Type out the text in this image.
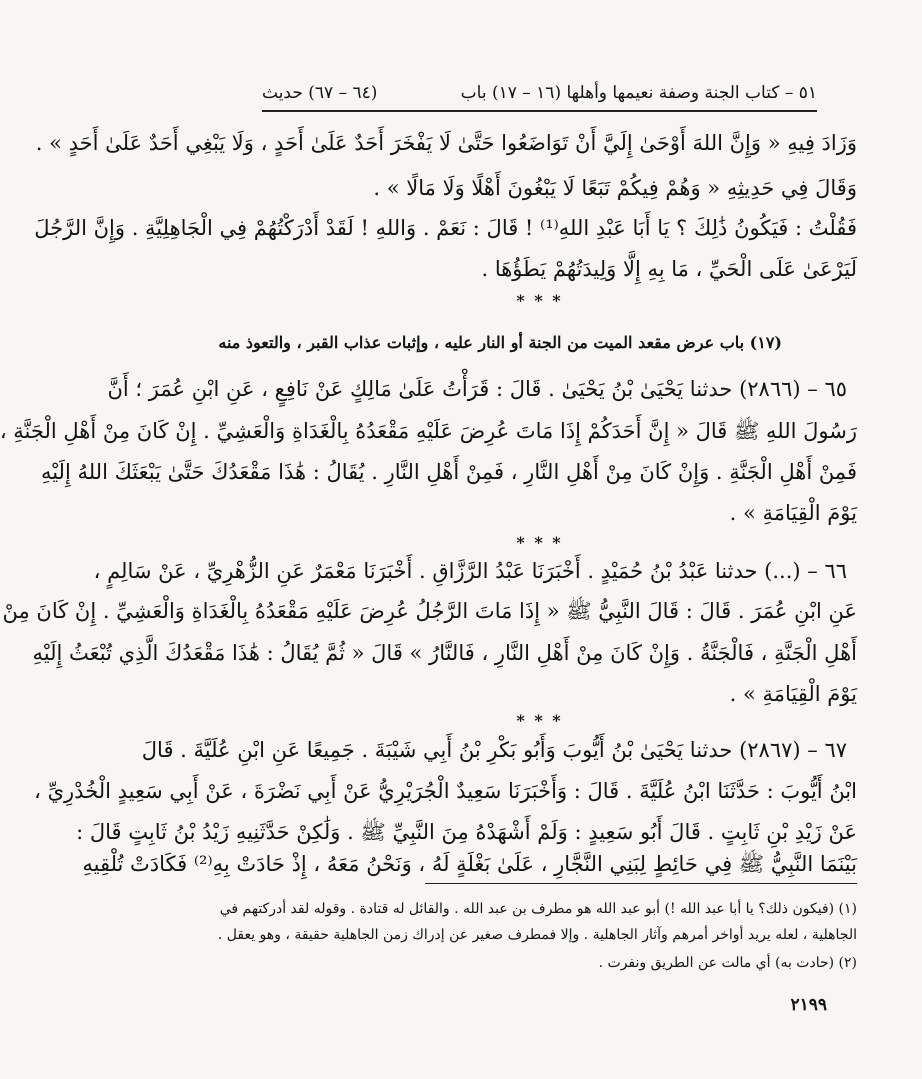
٥١ – كتاب الجنة وصفة نعيمها وأهلها (١٦ – ١٧) باب
(٦٤ – ٦٧) حديث
وَزَادَ فِيهِ « وَإِنَّ اللهَ أَوْحَىٰ إِلَيَّ أَنْ تَوَاضَعُوا حَتَّىٰ لَا يَفْخَرَ أَحَدٌ عَلَىٰ أَحَدٍ ، وَلَا يَبْغِي أَحَدٌ عَلَىٰ أَحَدٍ » .
وَقَالَ فِي حَدِيثِهِ « وَهُمْ فِيكُمْ تَبَعًا لَا يَبْغُونَ أَهْلًا وَلَا مَالًا » .
فَقُلْتُ : فَيَكُونُ ذَٰلِكَ ؟ يَا أَبَا عَبْدِ اللهِ⁽¹⁾ ! قَالَ : نَعَمْ . وَاللهِ ! لَقَدْ أَدْرَكْتُهُمْ فِي الْجَاهِلِيَّةِ . وَإِنَّ الرَّجُلَ
لَيَرْعَىٰ عَلَى الْحَيِّ ، مَا بِهِ إِلَّا وَلِيدَتُهُمْ يَطَؤُهَا .
* * *
(١٧) باب عرض مقعد الميت من الجنة أو النار عليه ، وإثبات عذاب القبر ، والتعوذ منه
٦٥ – (٢٨٦٦) حدثنا يَحْيَىٰ بْنُ يَحْيَىٰ . قَالَ : قَرَأْتُ عَلَىٰ مَالِكٍ عَنْ نَافِعٍ ، عَنِ ابْنِ عُمَرَ ؛ أَنَّ
رَسُولَ اللهِ ﷺ قَالَ « إِنَّ أَحَدَكُمْ إِذَا مَاتَ عُرِضَ عَلَيْهِ مَقْعَدُهُ بِالْغَدَاةِ وَالْعَشِيِّ . إِنْ كَانَ مِنْ أَهْلِ الْجَنَّةِ ،
فَمِنْ أَهْلِ الْجَنَّةِ . وَإِنْ كَانَ مِنْ أَهْلِ النَّارِ ، فَمِنْ أَهْلِ النَّارِ . يُقَالُ : هَٰذَا مَقْعَدُكَ حَتَّىٰ يَبْعَثَكَ اللهُ إِلَيْهِ
يَوْمَ الْقِيَامَةِ » .
* * *
٦٦ – (...) حدثنا عَبْدُ بْنُ حُمَيْدٍ . أَخْبَرَنَا عَبْدُ الرَّزَّاقِ . أَخْبَرَنَا مَعْمَرٌ عَنِ الزُّهْرِيِّ ، عَنْ سَالِمٍ ،
عَنِ ابْنِ عُمَرَ . قَالَ : قَالَ النَّبِيُّ ﷺ « إِذَا مَاتَ الرَّجُلُ عُرِضَ عَلَيْهِ مَقْعَدُهُ بِالْغَدَاةِ وَالْعَشِيِّ . إِنْ كَانَ مِنْ
أَهْلِ الْجَنَّةِ ، فَالْجَنَّةُ . وَإِنْ كَانَ مِنْ أَهْلِ النَّارِ ، فَالنَّارُ » قَالَ « ثُمَّ يُقَالُ : هَٰذَا مَقْعَدُكَ الَّذِي تُبْعَثُ إِلَيْهِ
يَوْمَ الْقِيَامَةِ » .
* * *
٦٧ – (٢٨٦٧) حدثنا يَحْيَىٰ بْنُ أَيُّوبَ وَأَبُو بَكْرِ بْنُ أَبِي شَيْبَةَ . جَمِيعًا عَنِ ابْنِ عُلَيَّةَ . قَالَ
ابْنُ أَيُّوبَ : حَدَّثَنَا ابْنُ عُلَيَّةَ . قَالَ : وَأَخْبَرَنَا سَعِيدٌ الْجُرَيْرِيُّ عَنْ أَبِي نَضْرَةَ ، عَنْ أَبِي سَعِيدٍ الْخُدْرِيِّ ،
عَنْ زَيْدِ بْنِ ثَابِتٍ . قَالَ أَبُو سَعِيدٍ : وَلَمْ أَشْهَدْهُ مِنَ النَّبِيِّ ﷺ . وَلَٰكِنْ حَدَّثَنِيهِ زَيْدُ بْنُ ثَابِتٍ قَالَ :
بَيْنَمَا النَّبِيُّ ﷺ فِي حَائِطٍ لِبَنِي النَّجَّارِ ، عَلَىٰ بَغْلَةٍ لَهُ ، وَنَحْنُ مَعَهُ ، إِذْ حَادَتْ بِهِ⁽²⁾ فَكَادَتْ تُلْقِيهِ
(١) (فيكون ذلك؟ يا أبا عبد الله !) أبو عبد الله هو مطرف بن عبد الله . والقائل له قتادة . وقوله لقد أدركتهم في
الجاهلية ، لعله يريد أواخر أمرهم وآثار الجاهلية . وإلا فمطرف صغير عن إدراك زمن الجاهلية حقيقة ، وهو يعقل .
(٢) (حادت به) أي مالت عن الطريق ونفرت .
٢١٩٩
